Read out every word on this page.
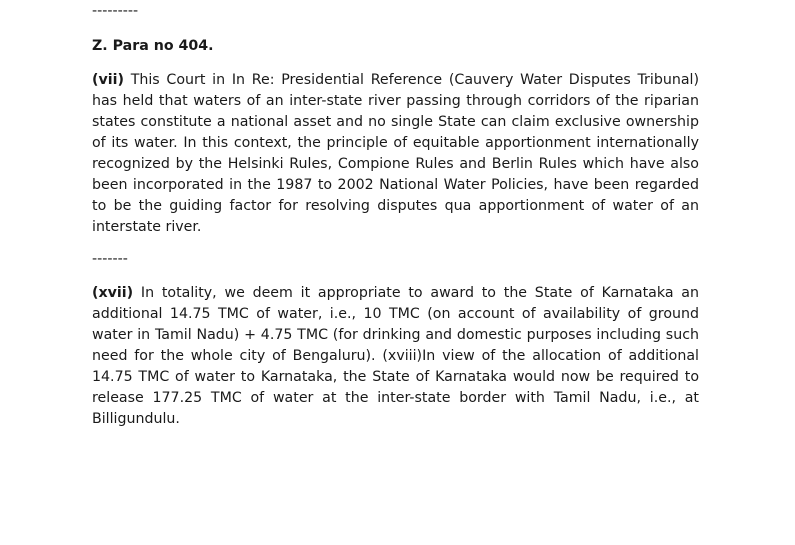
---------
Z. Para no 404.

(vii) This Court in In Re: Presidential Reference (Cauvery Water Disputes Tribunal) has held that waters of an inter-state river passing through corridors of the riparian states constitute a national asset and no single State can claim exclusive ownership of its water. In this context, the principle of equitable apportionment internationally recognized by the Helsinki Rules, Compione Rules and Berlin Rules which have also been incorporated in the 1987 to 2002 National Water Policies, have been regarded to be the guiding factor for resolving disputes qua apportionment of water of an interstate river.

-------

(xvii) In totality, we deem it appropriate to award to the State of Karnataka an additional 14.75 TMC of water, i.e., 10 TMC (on account of availability of ground water in Tamil Nadu) + 4.75 TMC (for drinking and domestic purposes including such need for the whole city of Bengaluru). (xviii)In view of the allocation of additional 14.75 TMC of water to Karnataka, the State of Karnataka would now be required to release 177.25 TMC of water at the inter-state border with Tamil Nadu, i.e., at Billigundulu.
